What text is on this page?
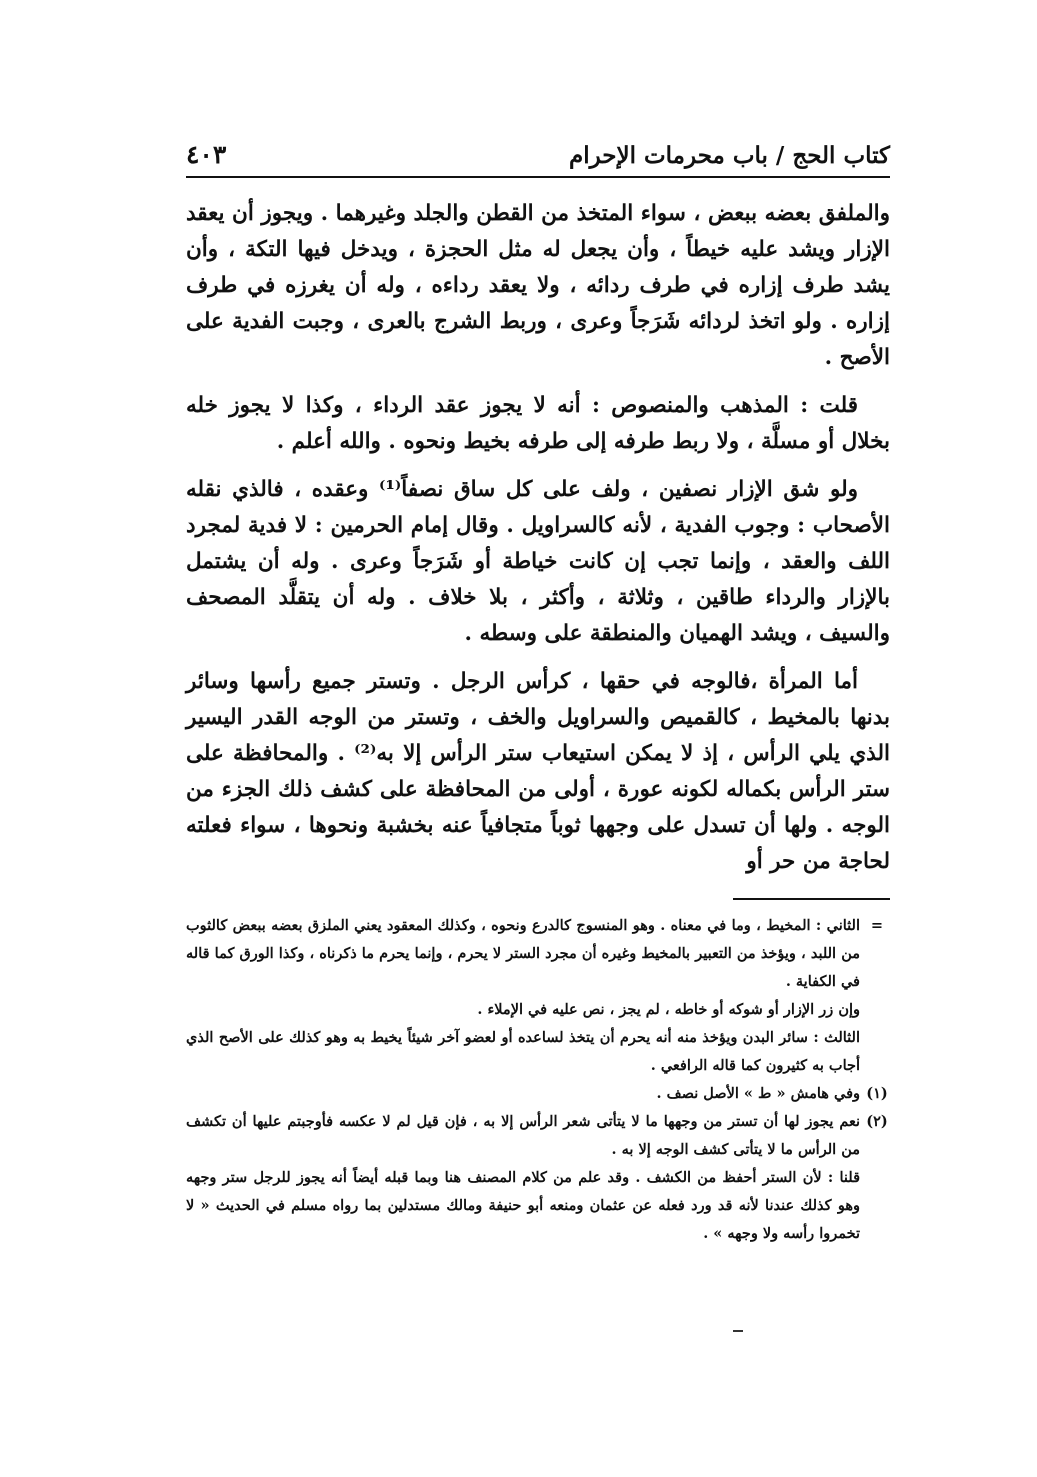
كتاب الحج / باب محرمات الإحرام
٤٠٣

والملفق بعضه ببعض ، سواء المتخذ من القطن والجلد وغيرهما . ويجوز أن يعقد الإزار ويشد عليه خيطاً ، وأن يجعل له مثل الحجزة ، ويدخل فيها التكة ، وأن يشد طرف إزاره في طرف ردائه ، ولا يعقد رداءه ، وله أن يغرزه في طرف إزاره . ولو اتخذ لردائه شَرَجاً وعرى ، وربط الشرج بالعرى ، وجبت الفدية على الأصح .

قلت : المذهب والمنصوص : أنه لا يجوز عقد الرداء ، وكذا لا يجوز خله بخلال أو مسلَّة ، ولا ربط طرفه إلى طرفه بخيط ونحوه . والله أعلم .

ولو شق الإزار نصفين ، ولف على كل ساق نصفاً⁽¹⁾ وعقده ، فالذي نقله الأصحاب : وجوب الفدية ، لأنه كالسراويل . وقال إمام الحرمين : لا فدية لمجرد اللف والعقد ، وإنما تجب إن كانت خياطة أو شَرَجاً وعرى . وله أن يشتمل بالإزار والرداء طاقين ، وثلاثة ، وأكثر ، بلا خلاف . وله أن يتقلَّد المصحف والسيف ، ويشد الهميان والمنطقة على وسطه .

أما المرأة ،فالوجه في حقها ، كرأس الرجل . وتستر جميع رأسها وسائر بدنها بالمخيط ، كالقميص والسراويل والخف ، وتستر من الوجه القدر اليسير الذي يلي الرأس ، إذ لا يمكن استيعاب ستر الرأس إلا به⁽²⁾ . والمحافظة على ستر الرأس بكماله لكونه عورة ، أولى من المحافظة على كشف ذلك الجزء من الوجه . ولها أن تسدل على وجهها ثوباً متجافياً عنه بخشبة ونحوها ، سواء فعلته لحاجة من حر أو

=
الثاني : المخيط ، وما في معناه . وهو المنسوج كالدرع ونحوه ، وكذلك المعقود يعني الملزق بعضه ببعض كالثوب من اللبد ، ويؤخذ من التعبير بالمخيط وغيره أن مجرد الستر لا يحرم ، وإنما يحرم ما ذكرناه ، وكذا الورق كما قاله في الكفاية .

وإن زر الإزار أو شوكه أو خاطه ، لم يجز ، نص عليه في الإملاء .

الثالث : سائر البدن ويؤخذ منه أنه يحرم أن يتخذ لساعده أو لعضو آخر شيئاً يخيط به وهو كذلك على الأصح الذي أجاب به كثيرون كما قاله الرافعي .

(١)
وفي هامش « ط » الأصل نصف .

(٢)
نعم يجوز لها أن تستر من وجهها ما لا يتأتى شعر الرأس إلا به ، فإن قيل لم لا عكسه فأوجبتم عليها أن تكشف من الرأس ما لا يتأتى كشف الوجه إلا به .

قلنا : لأن الستر أحفظ من الكشف . وقد علم من كلام المصنف هنا وبما قبله أيضاً أنه يجوز للرجل ستر وجهه وهو كذلك عندنا لأنه قد ورد فعله عن عثمان ومنعه أبو حنيفة ومالك مستدلين بما رواه مسلم في الحديث « لا تخمروا رأسه ولا وجهه » .
